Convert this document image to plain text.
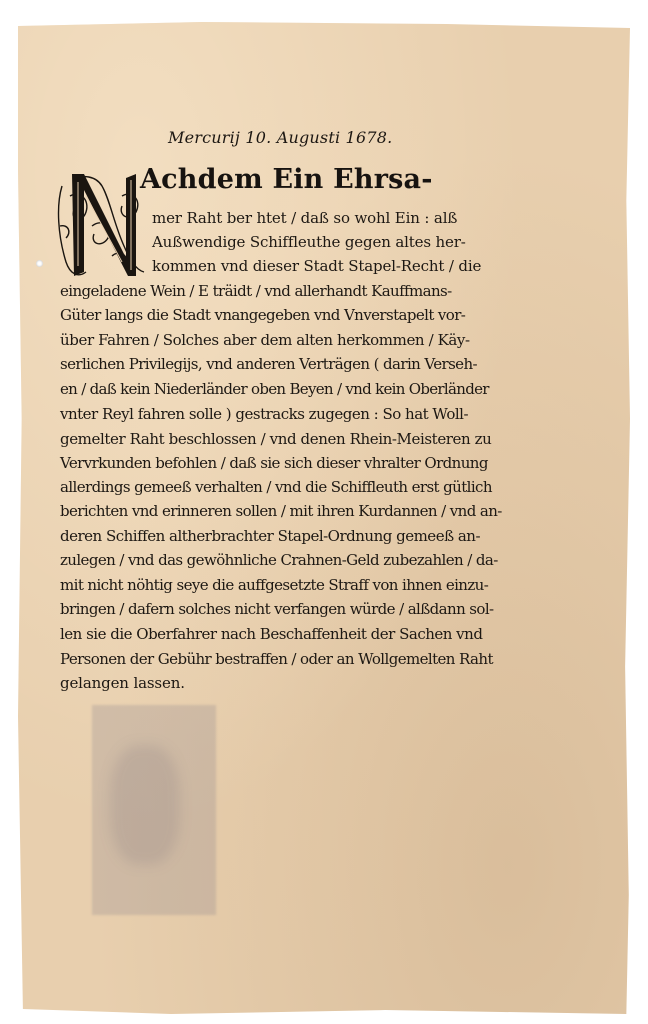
Mercurij 10. Augusti 1678.
Achdem Ein Ehrsa-
mer Raht ber htet / daß so wohl Ein : alß
Außwendige Schiffleuthe gegen altes her-
kommen vnd dieser Stadt Stapel-Recht / die
eingeladene Wein / E träidt / vnd allerhandt Kauffmans-
Güter langs die Stadt vnangegeben vnd Vnverstapelt vor-
über Fahren / Solches aber dem alten herkommen / Käy-
serlichen Privilegijs, vnd anderen Verträgen ( darin Verseh-
en / daß kein Niederländer oben Beyen / vnd kein Oberländer
vnter Reyl fahren solle ) gestracks zugegen : So hat Woll-
gemelter Raht beschlossen / vnd denen Rhein-Meisteren zu
Vervrkunden befohlen / daß sie sich dieser vhralter Ordnung
allerdings gemeeß verhalten / vnd die Schiffleuth erst gütlich
berichten vnd erinneren sollen / mit ihren Kurdannen / vnd an-
deren Schiffen altherbrachter Stapel-Ordnung gemeeß an-
zulegen / vnd das gewöhnliche Crahnen-Geld zubezahlen / da-
mit nicht nöhtig seye die auffgesetzte Straff von ihnen einzu-
bringen / dafern solches nicht verfangen würde / alßdann sol-
len sie die Oberfahrer nach Beschaffenheit der Sachen vnd
Personen der Gebühr bestraffen / oder an Wollgemelten Raht
gelangen lassen.
